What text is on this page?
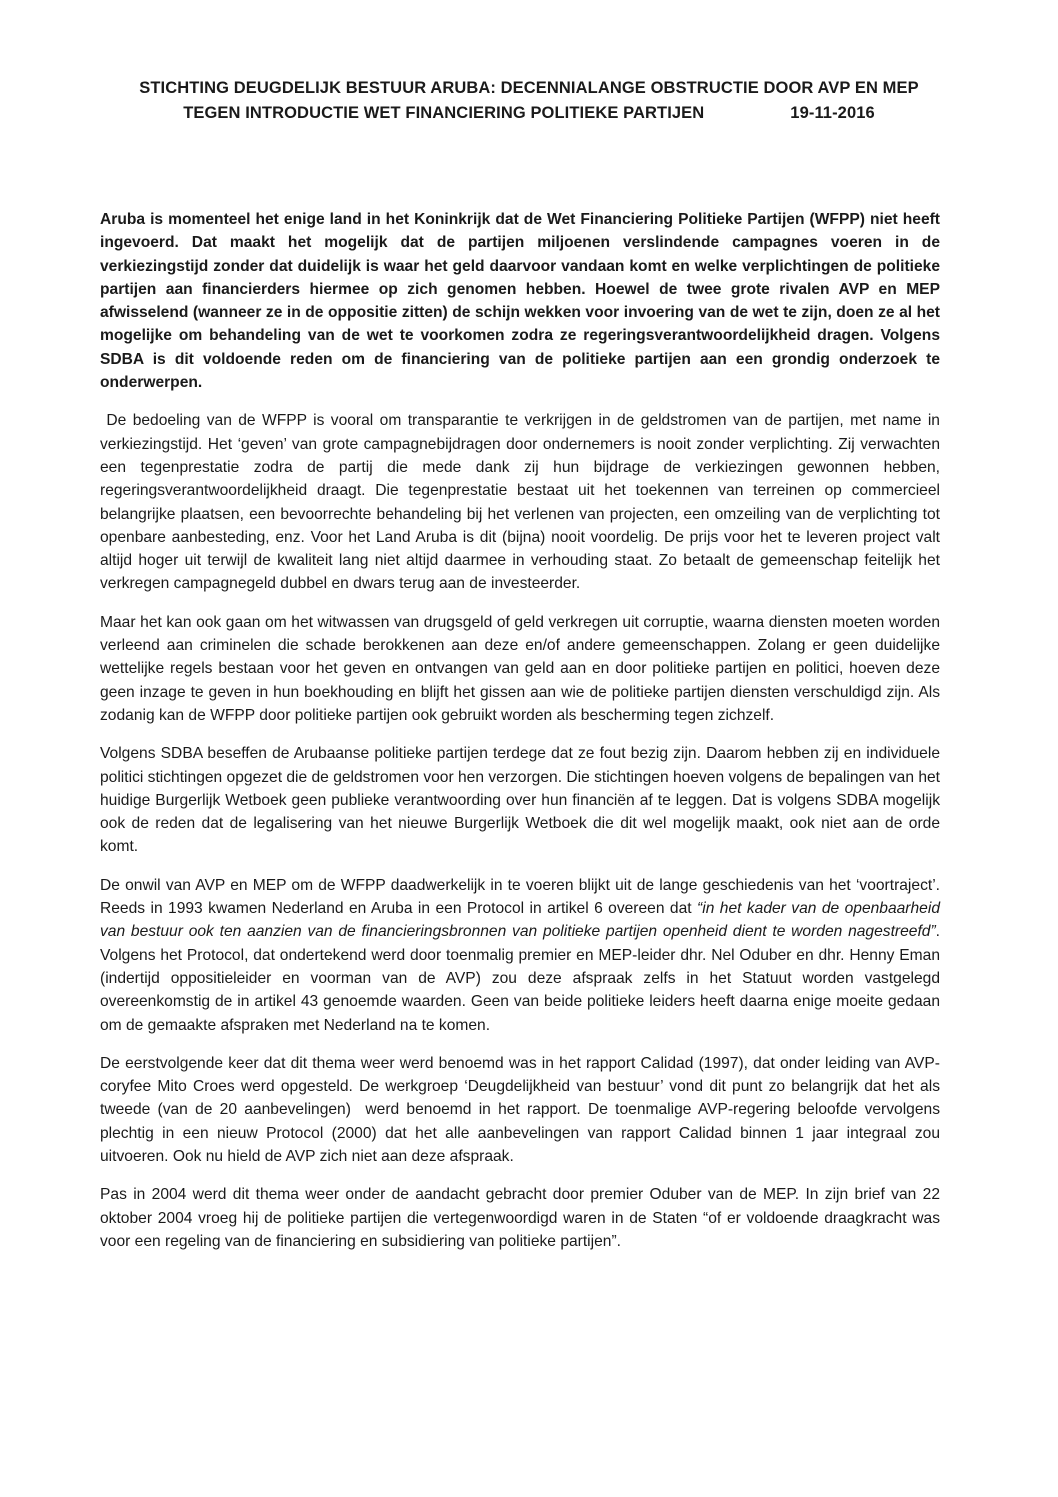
STICHTING DEUGDELIJK BESTUUR ARUBA: DECENNIALANGE OBSTRUCTIE DOOR AVP EN MEP
TEGEN INTRODUCTIE WET FINANCIERING POLITIEKE PARTIJEN	19-11-2016

Aruba is momenteel het enige land in het Koninkrijk dat de Wet Financiering Politieke Partijen (WFPP) niet heeft ingevoerd. Dat maakt het mogelijk dat de partijen miljoenen verslindende campagnes voeren in de verkiezingstijd zonder dat duidelijk is waar het geld daarvoor vandaan komt en welke verplichtingen de politieke partijen aan financierders hiermee op zich genomen hebben. Hoewel de twee grote rivalen AVP en MEP afwisselend (wanneer ze in de oppositie zitten) de schijn wekken voor invoering van de wet te zijn, doen ze al het mogelijke om behandeling van de wet te voorkomen zodra ze regeringsverantwoordelijkheid dragen. Volgens SDBA is dit voldoende reden om de financiering van de politieke partijen aan een grondig onderzoek te onderwerpen.

De bedoeling van de WFPP is vooral om transparantie te verkrijgen in de geldstromen van de partijen, met name in verkiezingstijd. Het ‘geven’ van grote campagnebijdragen door ondernemers is nooit zonder verplichting. Zij verwachten een tegenprestatie zodra de partij die mede dank zij hun bijdrage de verkiezingen gewonnen hebben, regeringsverantwoordelijkheid draagt. Die tegenprestatie bestaat uit het toekennen van terreinen op commercieel belangrijke plaatsen, een bevoorrechte behandeling bij het verlenen van projecten, een omzeiling van de verplichting tot openbare aanbesteding, enz. Voor het Land Aruba is dit (bijna) nooit voordelig. De prijs voor het te leveren project valt altijd hoger uit terwijl de kwaliteit lang niet altijd daarmee in verhouding staat. Zo betaalt de gemeenschap feitelijk het verkregen campagnegeld dubbel en dwars terug aan de investeerder.

Maar het kan ook gaan om het witwassen van drugsgeld of geld verkregen uit corruptie, waarna diensten moeten worden verleend aan criminelen die schade berokkenen aan deze en/of andere gemeenschappen. Zolang er geen duidelijke wettelijke regels bestaan voor het geven en ontvangen van geld aan en door politieke partijen en politici, hoeven deze geen inzage te geven in hun boekhouding en blijft het gissen aan wie de politieke partijen diensten verschuldigd zijn. Als zodanig kan de WFPP door politieke partijen ook gebruikt worden als bescherming tegen zichzelf.

Volgens SDBA beseffen de Arubaanse politieke partijen terdege dat ze fout bezig zijn. Daarom hebben zij en individuele politici stichtingen opgezet die de geldstromen voor hen verzorgen. Die stichtingen hoeven volgens de bepalingen van het huidige Burgerlijk Wetboek geen publieke verantwoording over hun financiën af te leggen. Dat is volgens SDBA mogelijk ook de reden dat de legalisering van het nieuwe Burgerlijk Wetboek die dit wel mogelijk maakt, ook niet aan de orde komt.

De onwil van AVP en MEP om de WFPP daadwerkelijk in te voeren blijkt uit de lange geschiedenis van het ‘voortraject’. Reeds in 1993 kwamen Nederland en Aruba in een Protocol in artikel 6 overeen dat “in het kader van de openbaarheid van bestuur ook ten aanzien van de financieringsbronnen van politieke partijen openheid dient te worden nagestreefd”. Volgens het Protocol, dat ondertekend werd door toenmalig premier en MEP-leider dhr. Nel Oduber en dhr. Henny Eman (indertijd oppositieleider en voorman van de AVP) zou deze afspraak zelfs in het Statuut worden vastgelegd overeenkomstig de in artikel 43 genoemde waarden. Geen van beide politieke leiders heeft daarna enige moeite gedaan om de gemaakte afspraken met Nederland na te komen.

De eerstvolgende keer dat dit thema weer werd benoemd was in het rapport Calidad (1997), dat onder leiding van AVP-coryfee Mito Croes werd opgesteld. De werkgroep ‘Deugdelijkheid van bestuur’ vond dit punt zo belangrijk dat het als tweede (van de 20 aanbevelingen)  werd benoemd in het rapport. De toenmalige AVP-regering beloofde vervolgens plechtig in een nieuw Protocol (2000) dat het alle aanbevelingen van rapport Calidad binnen 1 jaar integraal zou uitvoeren. Ook nu hield de AVP zich niet aan deze afspraak.

Pas in 2004 werd dit thema weer onder de aandacht gebracht door premier Oduber van de MEP. In zijn brief van 22 oktober 2004 vroeg hij de politieke partijen die vertegenwoordigd waren in de Staten “of er voldoende draagkracht was voor een regeling van de financiering en subsidiering van politieke partijen”.
